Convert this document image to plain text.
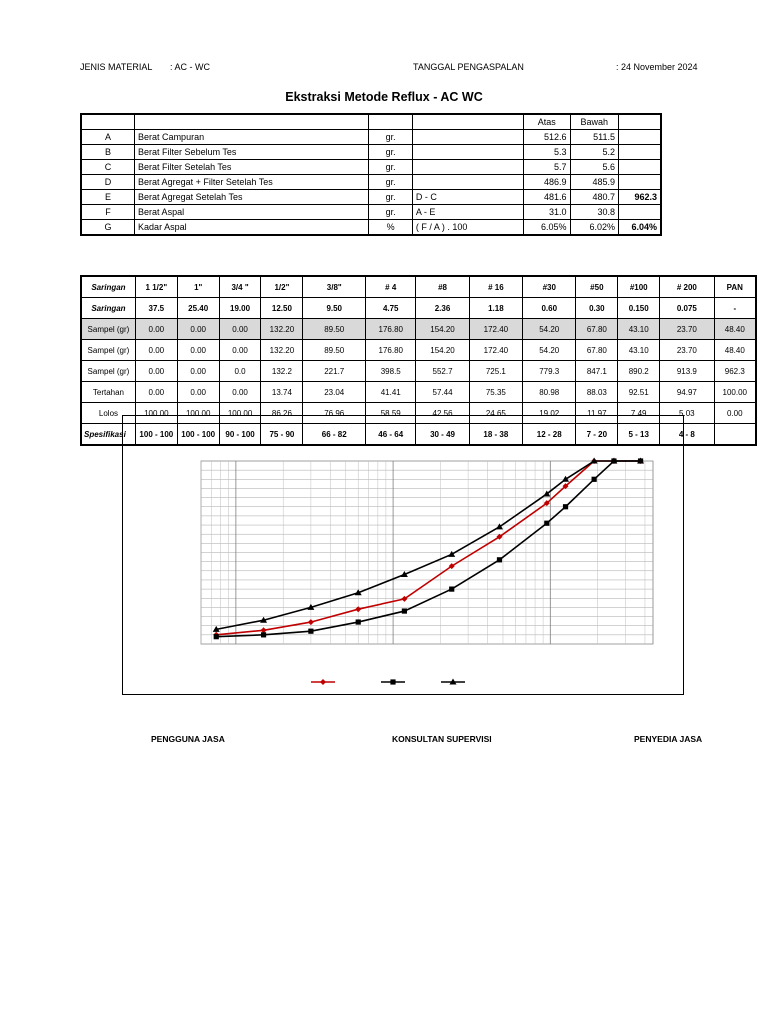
JENIS MATERIAL : AC - WC	TANGGAL PENGASPALAN	: 24 November 2024
Ekstraksi Metode Reflux - AC WC
				Atas	Bawah	
A	Berat Campuran	gr.		512.6	511.5	
B	Berat Filter Sebelum Tes	gr.		5.3	5.2	
C	Berat Filter Setelah Tes	gr.		5.7	5.6	
D	Berat Agregat + Filter Setelah Tes	gr.		486.9	485.9	
E	Berat Agregat Setelah Tes	gr.	D - C	481.6	480.7	962.3
F	Berat Aspal	gr.	A - E	31.0	30.8	
G	Kadar Aspal	%	( F / A ) . 100	6.05%	6.02%	6.04%
Saringan	1 1/2"	1"	3/4 "	1/2"	3/8"	# 4	#8	# 16	#30	#50	#100	# 200	PAN
Saringan	37.5	25.40	19.00	12.50	9.50	4.75	2.36	1.18	0.60	0.30	0.150	0.075	-
Sampel (gr)	0.00	0.00	0.00	132.20	89.50	176.80	154.20	172.40	54.20	67.80	43.10	23.70	48.40
Sampel (gr)	0.00	0.00	0.00	132.20	89.50	176.80	154.20	172.40	54.20	67.80	43.10	23.70	48.40
Sampel (gr)	0.00	0.00	0.0	132.2	221.7	398.5	552.7	725.1	779.3	847.1	890.2	913.9	962.3
Tertahan	0.00	0.00	0.00	13.74	23.04	41.41	57.44	75.35	80.98	88.03	92.51	94.97	100.00
Lolos	100.00	100.00	100.00	86.26	76.96	58.59	42.56	24.65	19.02	11.97	7.49	5.03	0.00
Spesifikasi	100 - 100	100 - 100	90 - 100	75 - 90	66 - 82	46 - 64	30 - 49	18 - 38	12 - 28	7 - 20	5 - 13	4 - 8	
PENGGUNA JASA	KONSULTAN SUPERVISI	PENYEDIA JASA
